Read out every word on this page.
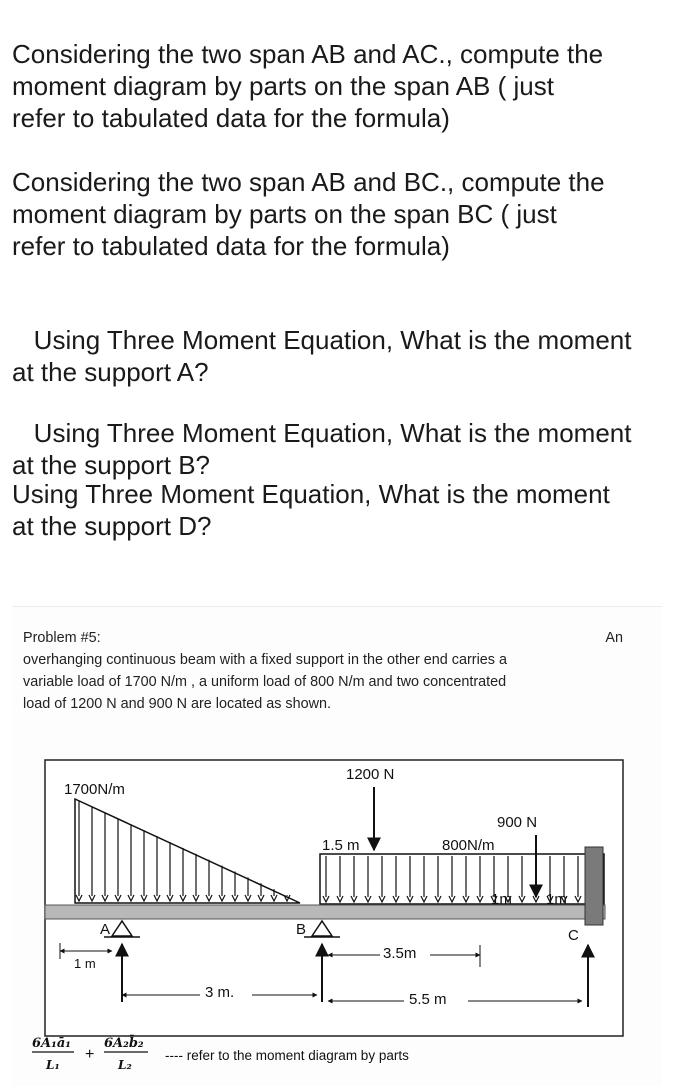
Considering the two span AB and AC., compute the
moment diagram by parts on the span AB ( just
refer to tabulated data for the formula)

Considering the two span AB and BC., compute the
moment diagram by parts on the span BC ( just
refer to tabulated data for the formula)

Using Three Moment Equation, What is the moment
at the support A?

Using Three Moment Equation, What is the moment
at the support B?

Using Three Moment Equation, What is the moment
at the support D?

Problem #5:	An
overhanging continuous beam with a fixed support in the other end carries a
variable load of 1700 N/m , a uniform load of 800 N/m and two concentrated
load of 1200 N and 900 N are located as shown.
1700N/m
1200 N
1.5 m
900 N
800N/m
1m 1m
A	B	C
1 m
3 m.
3.5m
5.5 m
6A₁ā₁
L₁
+
6A₂b̄₂
L₂
---- refer to the moment diagram by parts
